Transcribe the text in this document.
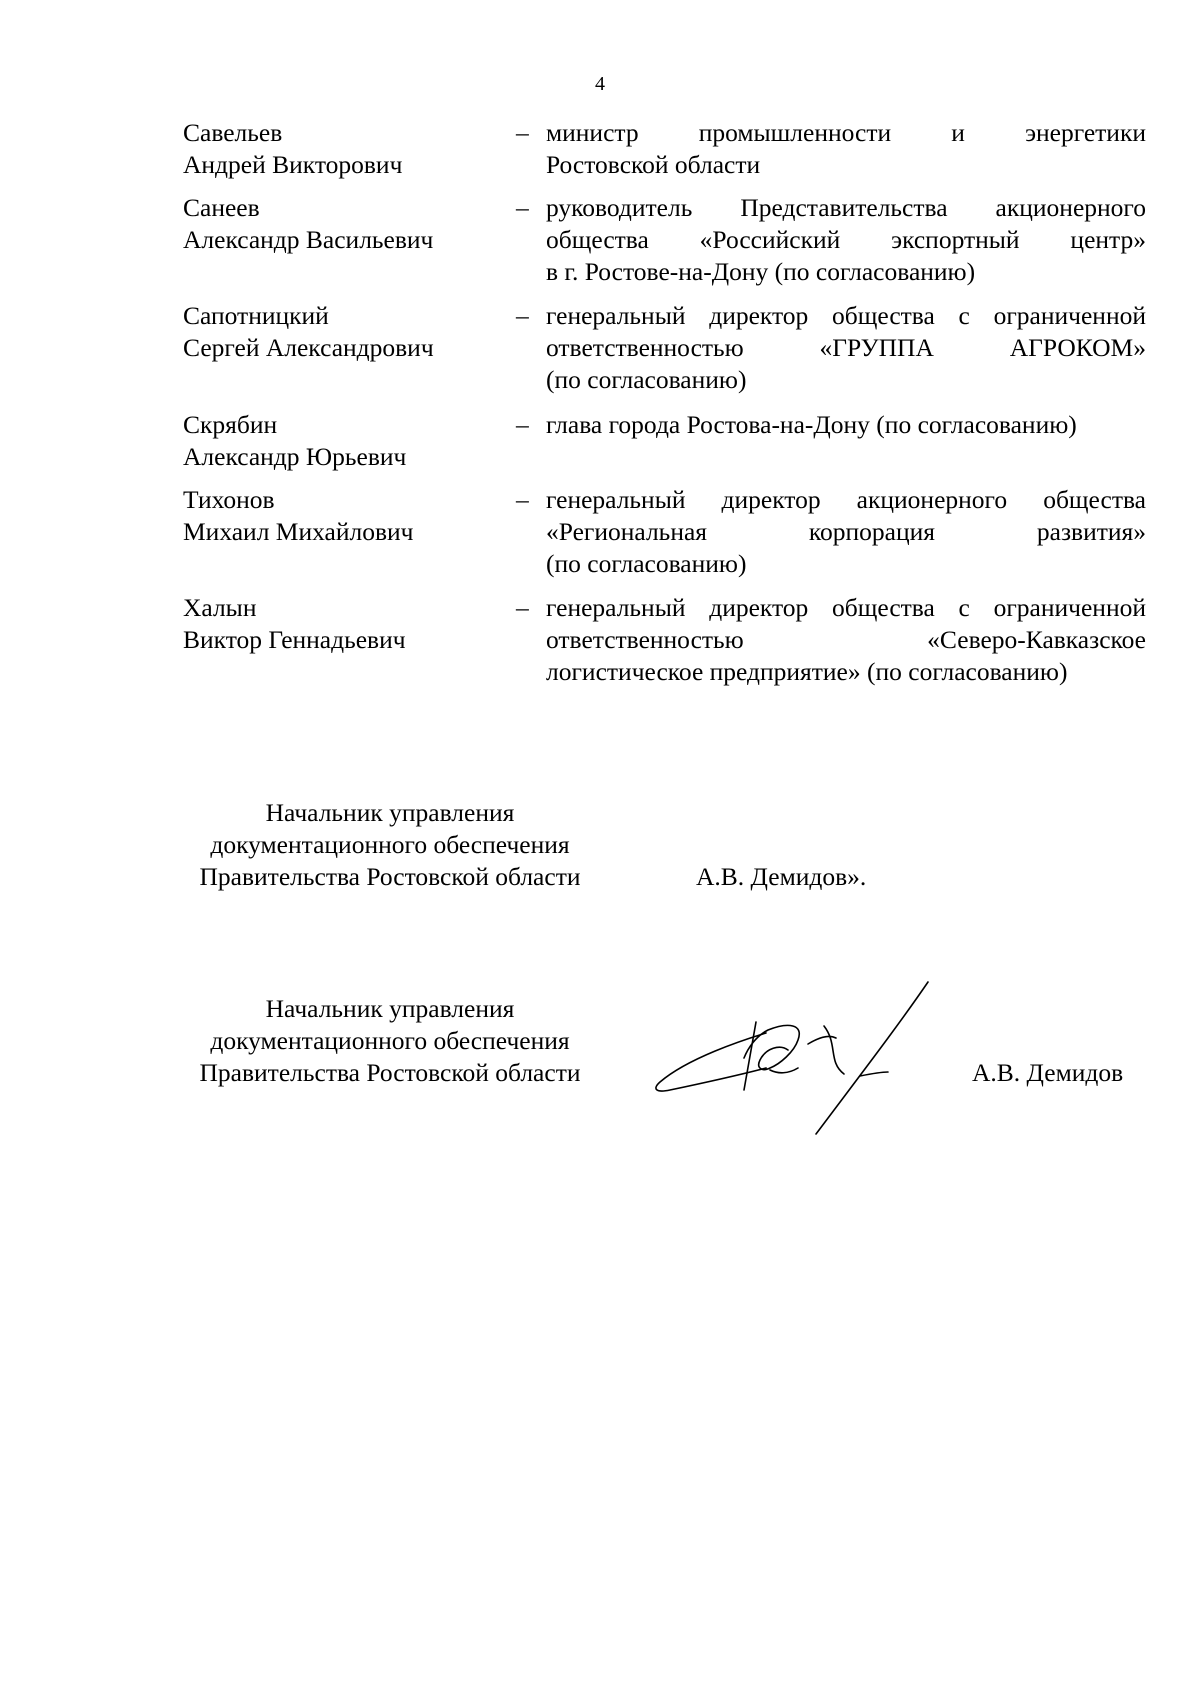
4
Савельев
Андрей Викторович
– министр промышленности и энергетики
Ростовской области
Санеев
Александр Васильевич
– руководитель Представительства акционерного
общества «Российский экспортный центр»
в г. Ростове-на-Дону (по согласованию)
Сапотницкий
Сергей Александрович
– генеральный директор общества с ограниченной
ответственностью «ГРУППА АГРОКОМ»
(по согласованию)
Скрябин
Александр Юрьевич
– глава города Ростова-на-Дону (по согласованию)
Тихонов
Михаил Михайлович
– генеральный директор акционерного общества
«Региональная корпорация развития»
(по согласованию)
Халын
Виктор Геннадьевич
– генеральный директор общества с ограниченной
ответственностью «Северо-Кавказское
логистическое предприятие» (по согласованию)
Начальник управления
документационного обеспечения
Правительства Ростовской области	А.В. Демидов».
Начальник управления
документационного обеспечения
Правительства Ростовской области	А.В. Демидов
